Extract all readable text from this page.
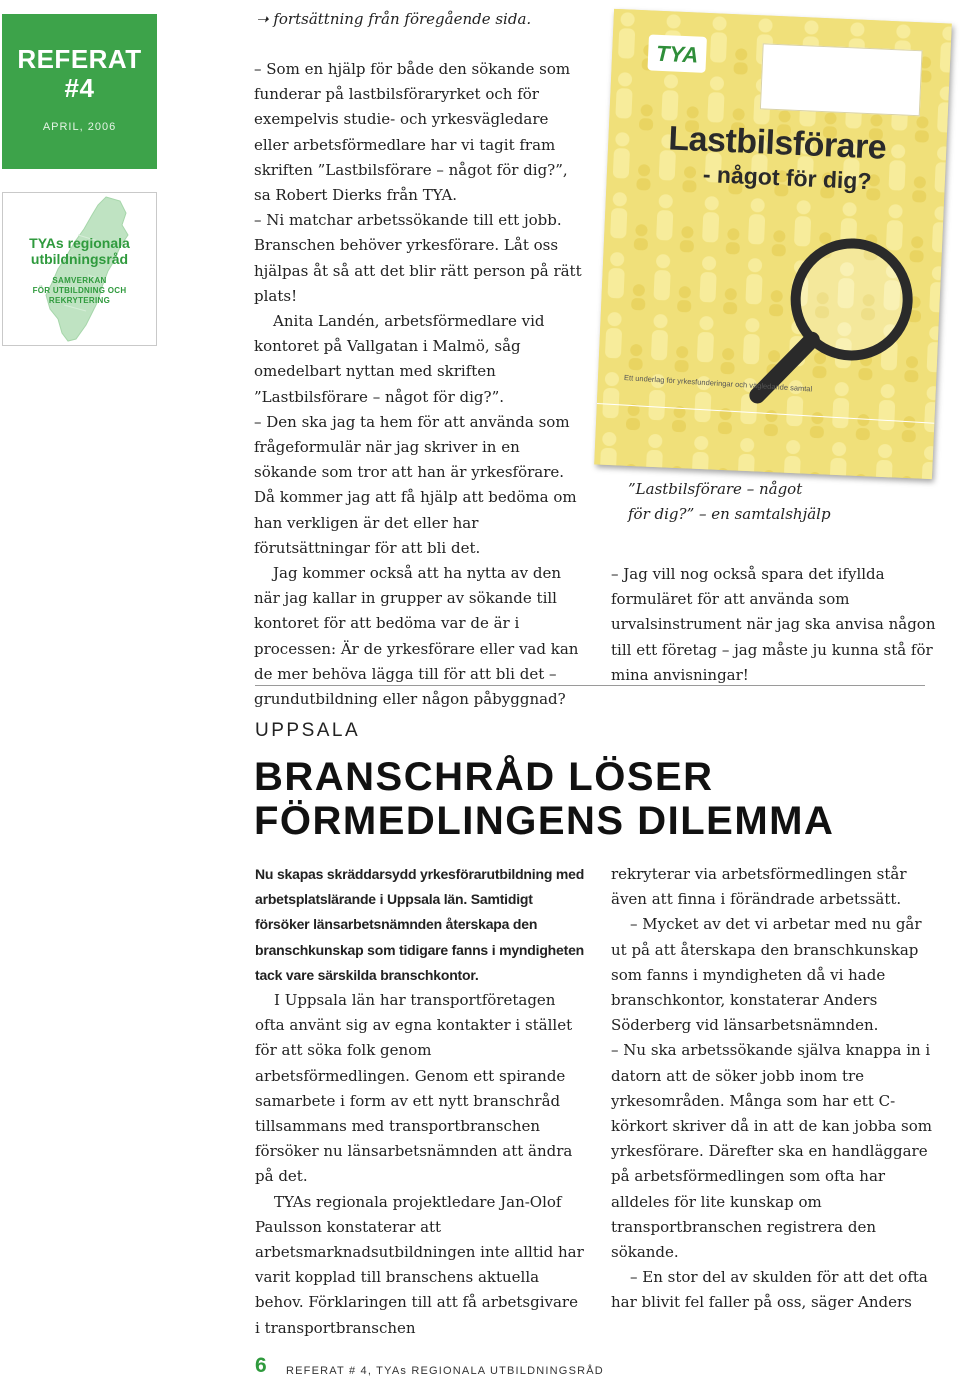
REFERAT
#4
APRIL, 2006
TYAs regionala
utbildningsråd
SAMVERKAN
FÖR UTBILDNING OCH
REKRYTERING
➝ fortsättning från föregående sida.

– Som en hjälp för både den sökande som funderar på lastbilsföraryrket och för exempelvis studie- och yrkesvägledare eller arbetsförmedlare har vi tagit fram skriften ”Lastbilsförare – något för dig?”, sa Robert Dierks från TYA.

– Ni matchar arbetssökande till ett jobb. Branschen behöver yrkesförare. Låt oss hjälpas åt så att det blir rätt person på rätt plats!

Anita Landén, arbetsförmedlare vid kontoret på Vallgatan i Malmö, såg omedelbart nyttan med skriften ”Lastbilsförare – något för dig?”.

– Den ska jag ta hem för att använda som frågeformulär när jag skriver in en sökande som tror att han är yrkesförare. Då kommer jag att få hjälp att bedöma om han verkligen är det eller har förutsättningar för att bli det.

Jag kommer också att ha nytta av den när jag kallar in grupper av sökande till kontoret för att bedöma var de är i processen: Är de yrkesförare eller vad kan de mer behöva lägga till för att bli det – grundutbildning eller någon påbyggnad?

TYA
Lastbilsförare
- något för dig?
Ett underlag för yrkesfunderingar och vägledande samtal
”Lastbilsförare – något
för dig?” – en samtalshjälp

– Jag vill nog också spara det ifyllda formuläret för att använda som urvalsinstrument när jag ska anvisa någon till ett företag – jag måste ju kunna stå för mina anvisningar!

UPPSALA
BRANSCHRÅD LÖSER
FÖRMEDLINGENS DILEMMA

Nu skapas skräddarsydd yrkesförarutbildning med arbetsplatslärande i Uppsala län. Samtidigt försöker länsarbetsnämnden återskapa den branschkunskap som tidigare fanns i myndigheten tack vare särskilda branschkontor.

I Uppsala län har transportföretagen ofta använt sig av egna kontakter i stället för att söka folk genom arbetsförmedlingen. Genom ett spirande samarbete i form av ett nytt branschråd tillsammans med transportbranschen försöker nu länsarbetsnämnden att ändra på det.

TYAs regionala projektledare Jan-Olof Paulsson konstaterar att arbetsmarknadsutbildningen inte alltid har varit kopplad till branschens aktuella behov. Förklaringen till att få arbetsgivare i transportbranschen

rekryterar via arbetsförmedlingen står även att finna i förändrade arbetssätt.

– Mycket av det vi arbetar med nu går ut på att återskapa den branschkunskap som fanns i myndigheten då vi hade branschkontor, konstaterar Anders Söderberg vid länsarbetsnämnden.

– Nu ska arbetssökande själva knappa in i datorn att de söker jobb inom tre yrkesområden. Många som har ett C-körkort skriver då in att de kan jobba som yrkesförare. Därefter ska en handläggare på arbetsförmedlingen som ofta har alldeles för lite kunskap om transportbranschen registrera den sökande.

– En stor del av skulden för att det ofta har blivit fel faller på oss, säger Anders

6 REFERAT # 4, TYAs REGIONALA UTBILDNINGSRÅD
